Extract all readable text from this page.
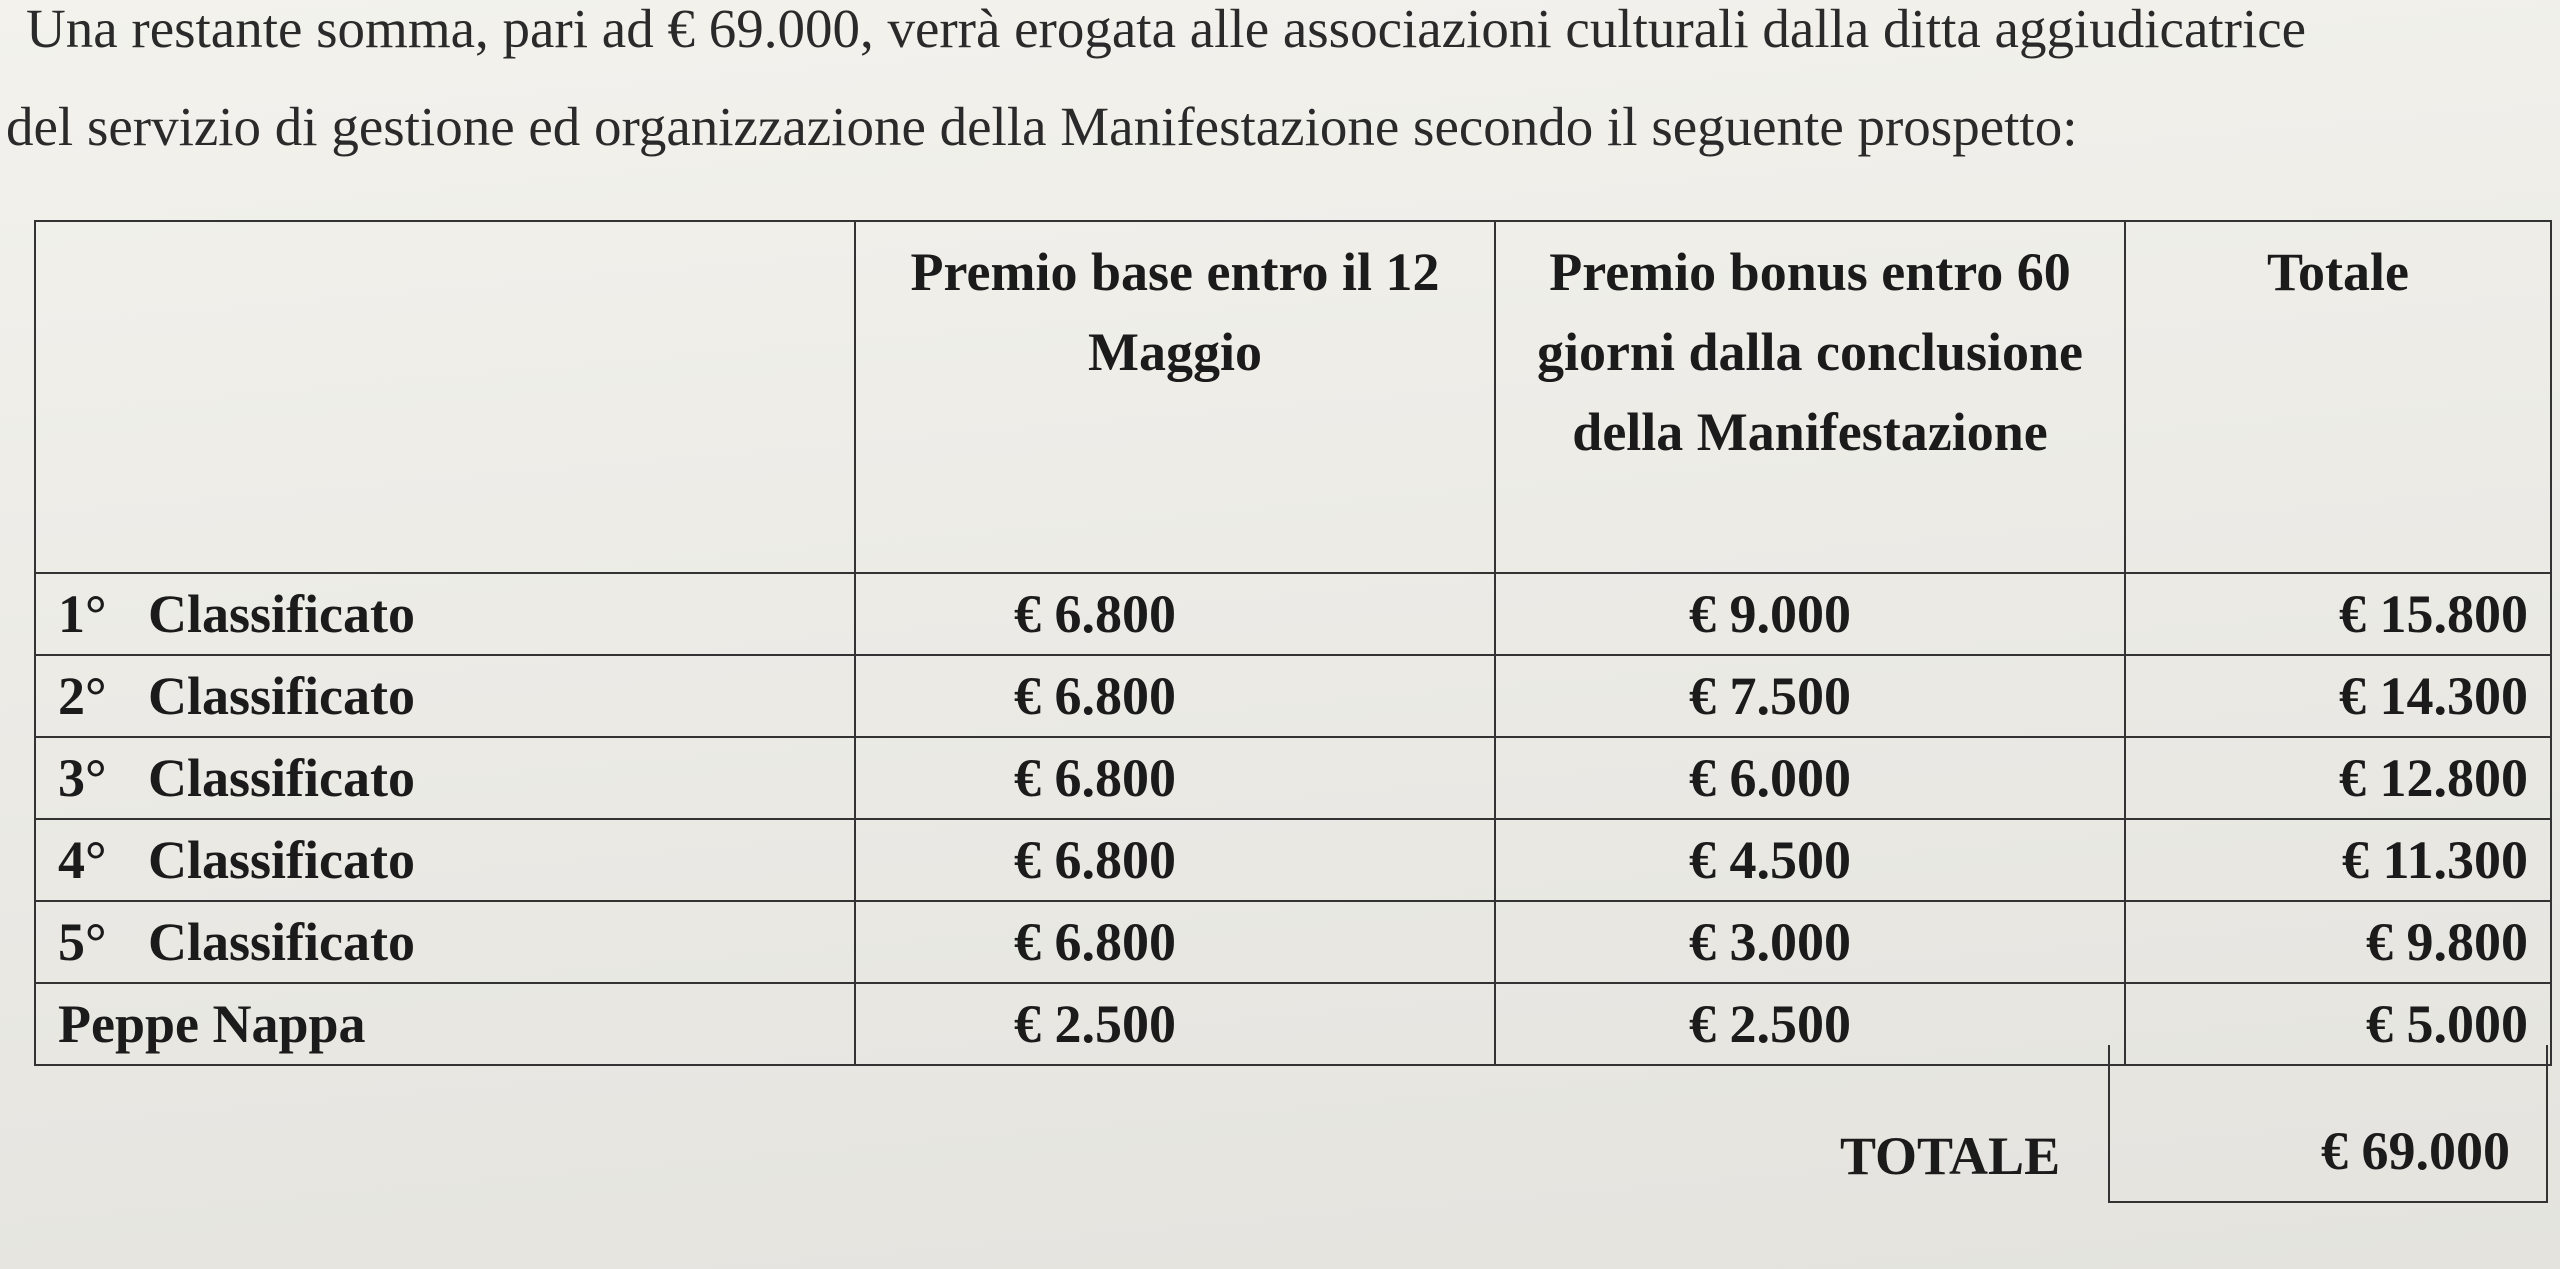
Una restante somma, pari ad € 69.000, verrà erogata alle associazioni culturali dalla ditta aggiudicatrice
del servizio di gestione ed organizzazione della Manifestazione secondo il seguente prospetto:
	Premio base entro il 12 Maggio	Premio bonus entro 60 giorni dalla conclusione della Manifestazione	Totale
1° Classificato	€ 6.800	€ 9.000	€ 15.800
2° Classificato	€ 6.800	€ 7.500	€ 14.300
3° Classificato	€ 6.800	€ 6.000	€ 12.800
4° Classificato	€ 6.800	€ 4.500	€ 11.300
5° Classificato	€ 6.800	€ 3.000	€ 9.800
Peppe Nappa	€ 2.500	€ 2.500	€ 5.000
TOTALE	€ 69.000
